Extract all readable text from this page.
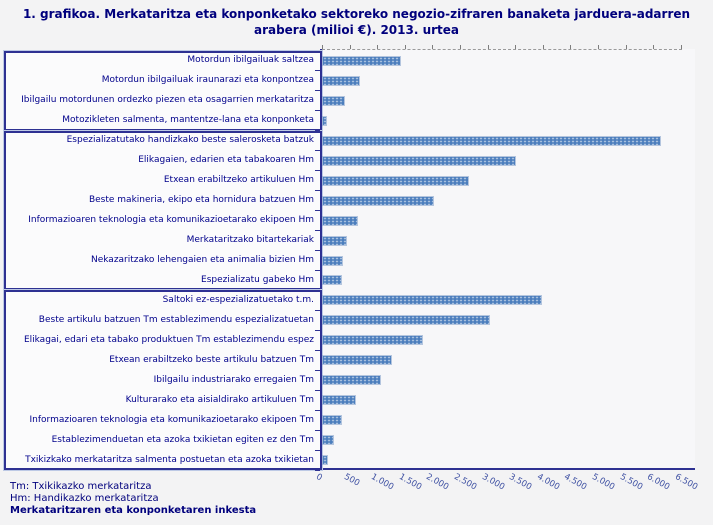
1. grafikoa. Merkataritza eta konponketako sektoreko negozio-zifraren banaketa jarduera-adarren arabera (milioi €). 2013. urtea
Motordun ibilgailuak saltzea
Motordun ibilgailuak iraunarazi eta konpontzea
Ibilgailu motordunen ordezko piezen eta osagarrien merkataritza
Motozikleten salmenta, mantentze-lana eta konponketa
Espezializatutako handizkako beste salerosketa batzuk
Elikagaien, edarien eta tabakoaren Hm
Etxean erabiltzeko artikuluen Hm
Beste makineria, ekipo eta hornidura batzuen Hm
Informazioaren teknologia eta komunikazioetarako ekipoen Hm
Merkataritzako bitartekariak
Nekazaritzako lehengaien eta animalia bizien Hm
Espezializatu gabeko Hm
Saltoki ez-espezializatuetako t.m.
Beste artikulu batzuen Tm establezimendu espezializatuetan
Elikagai, edari eta tabako produktuen Tm establezimendu espez
Etxean erabiltzeko beste artikulu batzuen Tm
Ibilgailu industriarako erregaien Tm
Kulturarako eta aisialdirako artikuluen Tm
Informazioaren teknologia eta komunikazioetarako ekipoen Tm
Establezimenduetan eta azoka txikietan egiten ez den Tm
Txikizkako merkataritza salmenta postuetan eta azoka txikietan
0 500 1.000 1.500 2.000 2.500 3.000 3.500 4.000 4.500 5.000 5.500 6.000 6.500
Tm: Txikikazko merkataritza
Hm: Handikazko merkataritza
Merkataritzaren eta konponketaren inkesta
